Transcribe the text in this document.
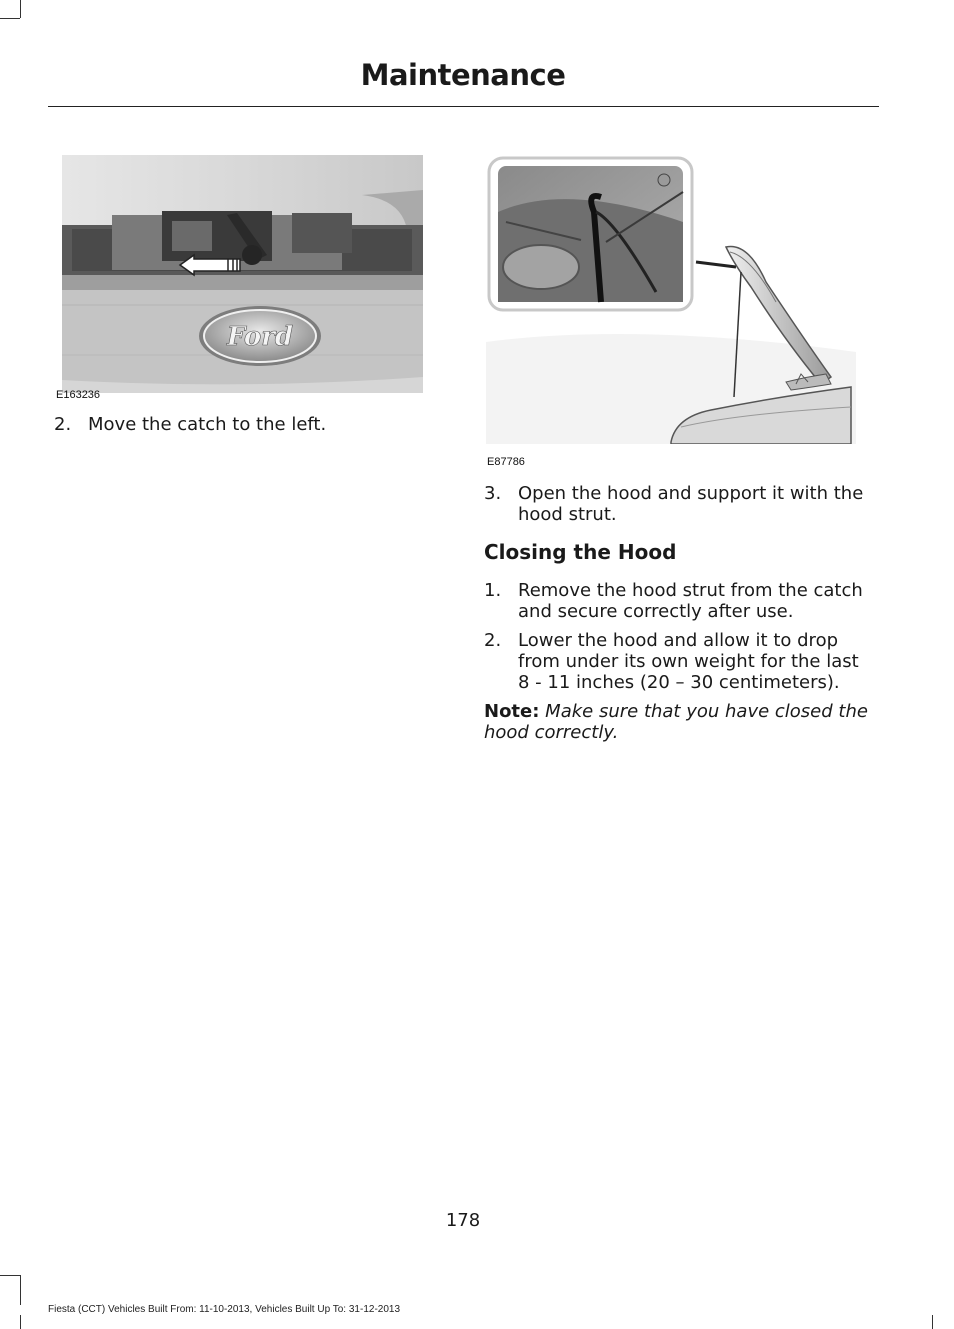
Maintenance
Ford
E163236
2. Move the catch to the left.
E87786
3. Open the hood and support it with the
hood strut.
Closing the Hood
1. Remove the hood strut from the catch
and secure correctly after use.
2. Lower the hood and allow it to drop
from under its own weight for the last
8 - 11 inches (20 – 30 centimeters).
Note: Make sure that you have closed the
hood correctly.
178
Fiesta (CCT) Vehicles Built From: 11-10-2013, Vehicles Built Up To: 31-12-2013
